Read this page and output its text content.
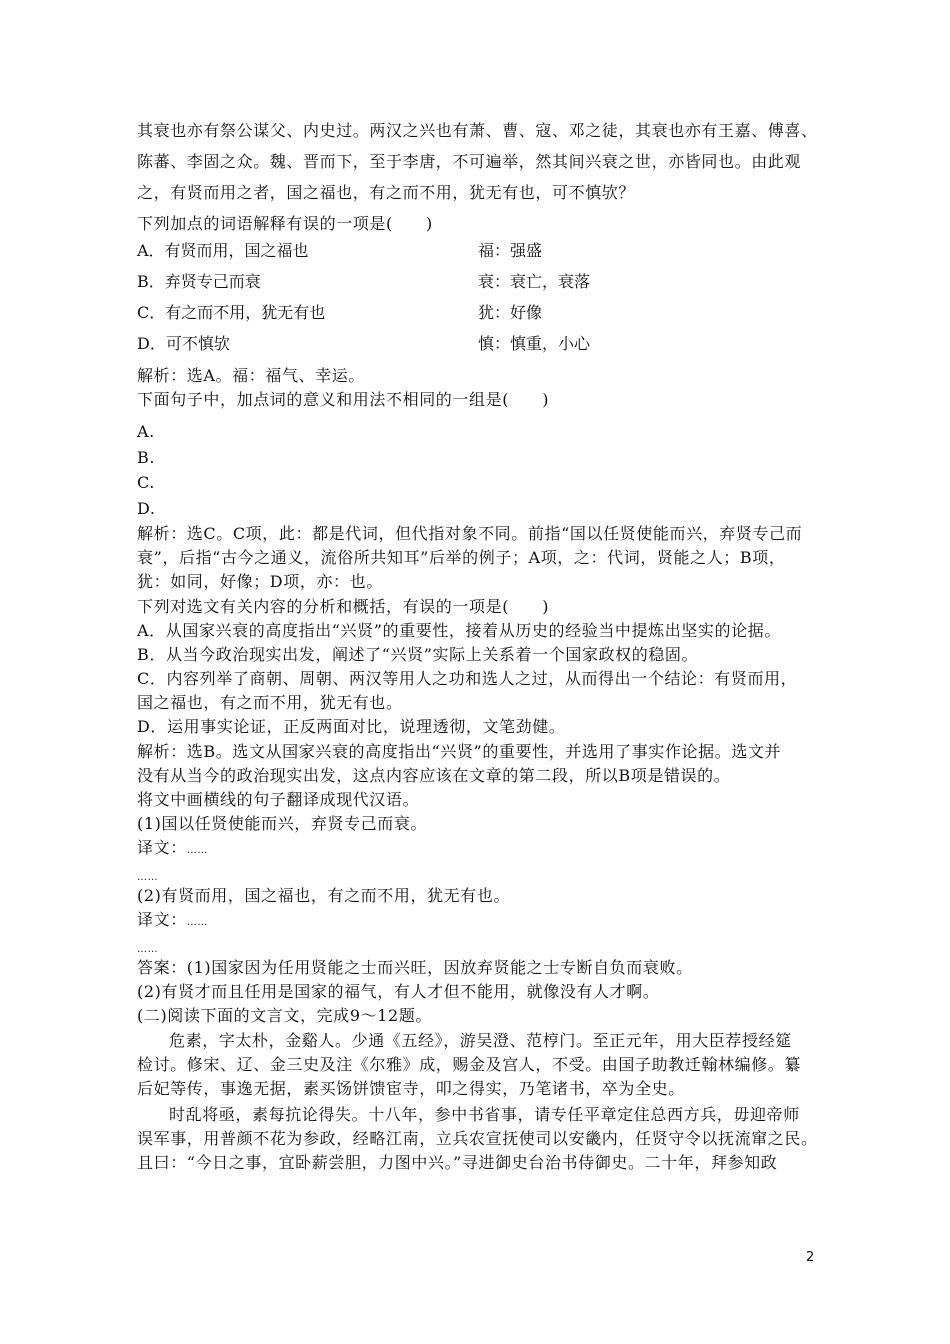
其衰也亦有祭公谋父、内史过。两汉之兴也有萧、曹、寇、邓之徒，其衰也亦有王嘉、傅喜、
陈蕃、李固之众。魏、晋而下，至于李唐，不可遍举，然其间兴衰之世，亦皆同也。由此观
之，有贤而用之者，国之福也，有之而不用，犹无有也，可不慎欤？
下列加点的词语解释有误的一项是(　　)
A．有贤而用，国之福也	福：强盛
B．弃贤专己而衰	衰：衰亡，衰落
C．有之而不用，犹无有也	犹：好像
D．可不慎欤	慎：慎重，小心
解析：选A。福：福气、幸运。
下面句子中，加点词的意义和用法不相同的一组是(　　)
A.
B.
C.
D.
解析：选C。C项，此：都是代词，但代指对象不同。前指“国以任贤使能而兴，弃贤专己而
衰”，后指“古今之通义，流俗所共知耳”后举的例子；A项，之：代词，贤能之人；B项，
犹：如同，好像；D项，亦：也。
下列对选文有关内容的分析和概括，有误的一项是(　　)
A．从国家兴衰的高度指出“兴贤”的重要性，接着从历史的经验当中提炼出坚实的论据。
B．从当今政治现实出发，阐述了“兴贤”实际上关系着一个国家政权的稳固。
C．内容列举了商朝、周朝、两汉等用人之功和选人之过，从而得出一个结论：有贤而用，
国之福也，有之而不用，犹无有也。
D．运用事实论证，正反两面对比，说理透彻，文笔劲健。
解析：选B。选文从国家兴衰的高度指出“兴贤”的重要性，并选用了事实作论据。选文并
没有从当今的政治现实出发，这点内容应该在文章的第二段，所以B项是错误的。
将文中画横线的句子翻译成现代汉语。
(1)国以任贤使能而兴，弃贤专己而衰。
译文：……
……
(2)有贤而用，国之福也，有之而不用，犹无有也。
译文：……
……
答案：(1)国家因为任用贤能之士而兴旺，因放弃贤能之士专断自负而衰败。
(2)有贤才而且任用是国家的福气，有人才但不能用，就像没有人才啊。
(二)阅读下面的文言文，完成9～12题。
危素，字太朴，金谿人。少通《五经》，游吴澄、范梈门。至正元年，用大臣荐授经筵
检讨。修宋、辽、金三史及注《尔雅》成，赐金及宫人，不受。由国子助教迁翰林编修。纂
后妃等传，事逸无据，素买饧饼馈宦寺，叩之得实，乃笔诸书，卒为全史。
时乱将亟，素每抗论得失。十八年，参中书省事，请专任平章定住总西方兵，毋迎帝师
误军事，用普颜不花为参政，经略江南，立兵农宣抚使司以安畿内，任贤守令以抚流窜之民。
且曰：“今日之事，宜卧薪尝胆，力图中兴。”寻进御史台治书侍御史。二十年，拜参知政
2
